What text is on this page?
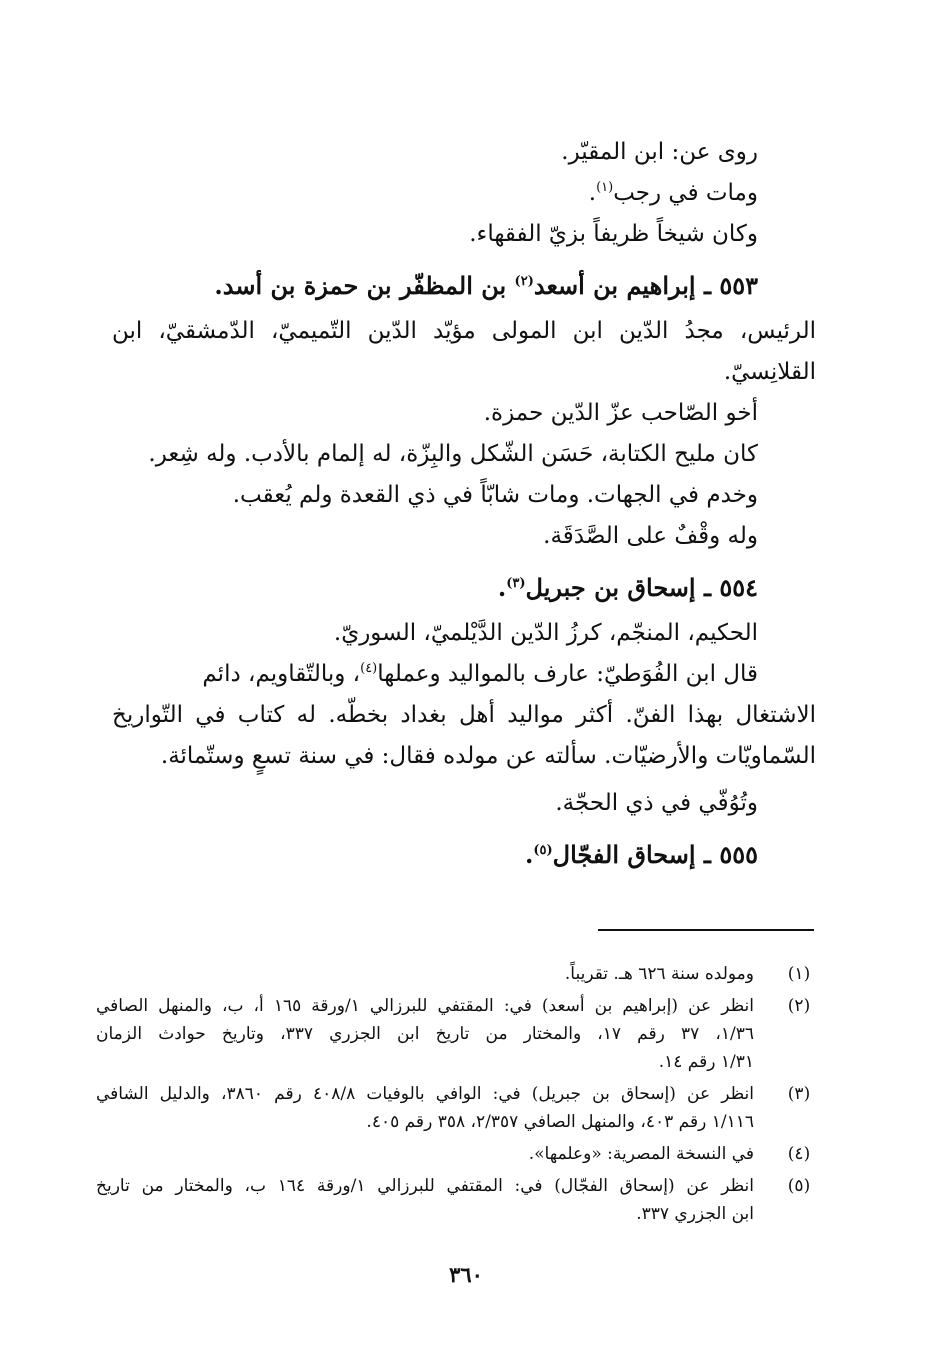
روى عن: ابن المقيّر.
ومات في رجب$^{(١)}$.
وكان شيخاً ظريفاً بزيّ الفقهاء.
٥٥٣ ـ إبراهيم بن أسعد$^{(٢)}$ بن المظفّر بن حمزة بن أسد.
الرئيس، مجدُ الدّين ابن المولى مؤيّد الدّين التّميميّ، الدّمشقيّ، ابن
القلانِسيّ.
أخو الصّاحب عزّ الدّين حمزة.
كان مليح الكتابة، حَسَن الشّكل والبِزّة، له إلمام بالأدب. وله شِعر.
وخدم في الجهات. ومات شابّاً في ذي القعدة ولم يُعقب.
وله وقْفٌ على الصَّدَقَة.
٥٥٤ ـ إسحاق بن جبريل$^{(٣)}$.
الحكيم، المنجّم، كرزُ الدّين الدَّيْلميّ، السوريّ.
قال ابن الفُوَطيّ: عارف بالمواليد وعملها$^{(٤)}$، وبالتّقاويم، دائم
الاشتغال بهذا الفنّ. أكثر مواليد أهل بغداد بخطّه. له كتاب في التّواريخ
السّماويّات والأرضيّات. سألته عن مولده فقال: في سنة تسعٍ وستّمائة.
وتُوُفّي في ذي الحجّة.
٥٥٥ ـ إسحاق الفجّال$^{(٥)}$.
(١)
ومولده سنة ٦٢٦ هـ. تقريباً.
(٢)
انظر عن (إبراهيم بن أسعد) في: المقتفي للبرزالي ١/ورقة ١٦٥ أ، ب، والمنهل الصافي
١/٣٦، ٣٧ رقم ١٧، والمختار من تاريخ ابن الجزري ٣٣٧، وتاريخ حوادث الزمان
١/٣١ رقم ١٤.
(٣)
انظر عن (إسحاق بن جبريل) في: الوافي بالوفيات ٤٠٨/٨ رقم ٣٨٦٠، والدليل الشافي
١/١١٦ رقم ٤٠٣، والمنهل الصافي ٢/٣٥٧، ٣٥٨ رقم ٤٠٥.
(٤)
في النسخة المصرية: «وعلمها».
(٥)
انظر عن (إسحاق الفجّال) في: المقتفي للبرزالي ١/ورقة ١٦٤ ب، والمختار من تاريخ
ابن الجزري ٣٣٧.
٣٦٠
